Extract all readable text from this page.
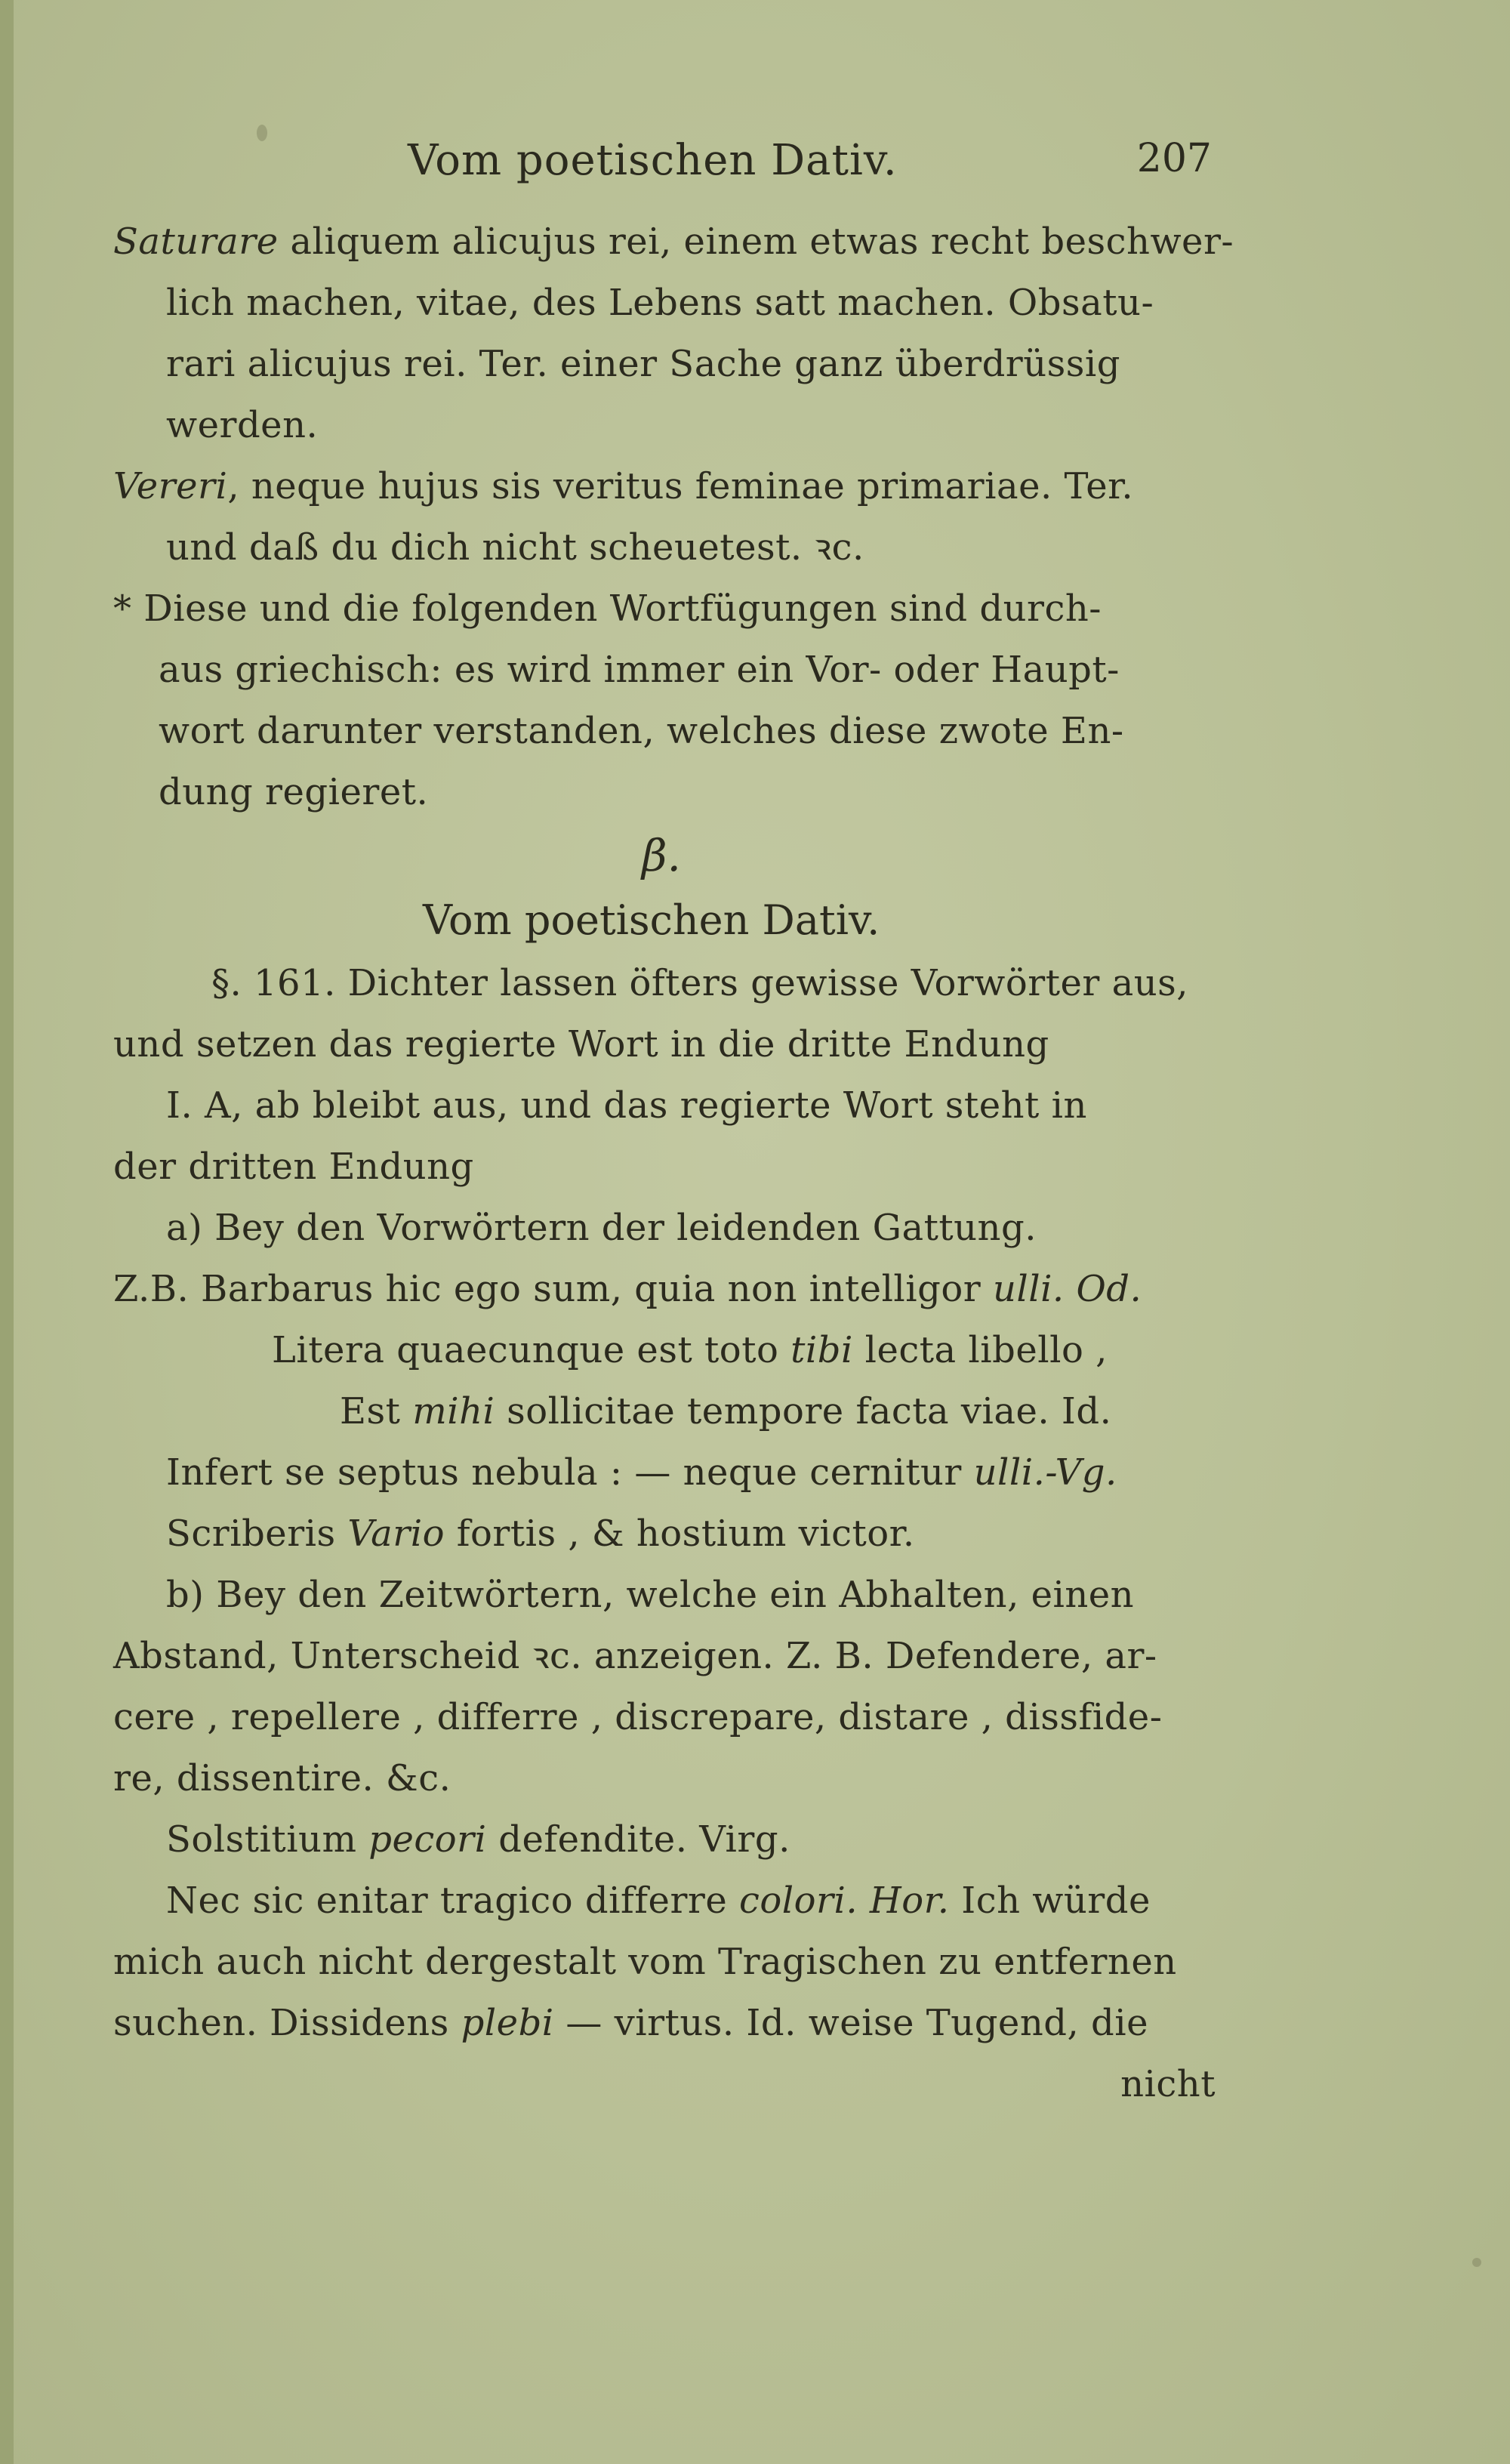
Vom poetischen Dativ.	207
Saturare aliquem alicujus rei, einem etwas recht beschwer-
lich machen, vitae, des Lebens satt machen. Obsatu-
rari alicujus rei. Ter. einer Sache ganz überdrüssig
werden.
Vereri, neque hujus sis veritus feminae primariae. Ter.
und daß du dich nicht scheuetest. ꝛc.
* Diese und die folgenden Wortfügungen sind durch-
aus griechisch: es wird immer ein Vor- oder Haupt-
wort darunter verstanden, welches diese zwote En-
dung regieret.
β.
Vom poetischen Dativ.
§. 161. Dichter lassen öfters gewisse Vorwörter aus,
und setzen das regierte Wort in die dritte Endung
I. A, ab bleibt aus, und das regierte Wort steht in
der dritten Endung
a) Bey den Vorwörtern der leidenden Gattung.
Z.B. Barbarus hic ego sum, quia non intelligor ulli. Od.
Litera quaecunque est toto tibi lecta libello ,
Est mihi sollicitae tempore facta viae. Id.
Infert se septus nebula : — neque cernitur ulli.-Vg.
Scriberis Vario fortis , & hostium victor.
b) Bey den Zeitwörtern, welche ein Abhalten, einen
Abstand, Unterscheid ꝛc. anzeigen. Z. B. Defendere, ar-
cere , repellere , differre , discrepare, distare , dissfide-
re, dissentire. &c.
Solstitium pecori defendite. Virg.
Nec sic enitar tragico differre colori. Hor. Ich würde
mich auch nicht dergestalt vom Tragischen zu entfernen
suchen. Dissidens plebi — virtus. Id. weise Tugend, die
nicht
